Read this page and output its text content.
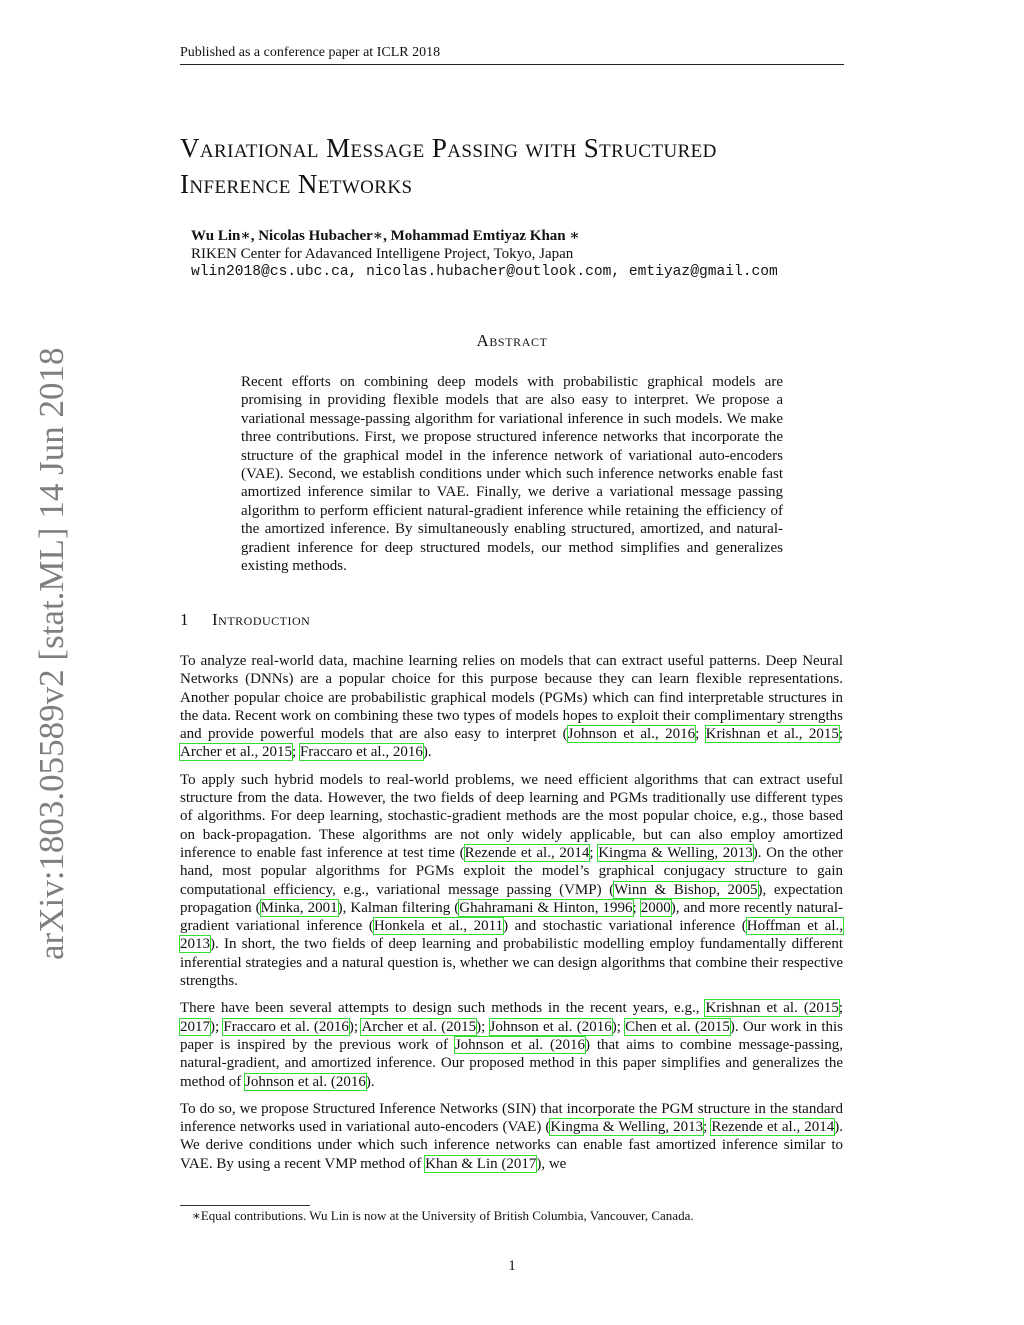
Published as a conference paper at ICLR 2018
arXiv:1803.05589v2 [stat.ML] 14 Jun 2018
Variational Message Passing with Structured
Inference Networks
Wu Lin∗, Nicolas Hubacher∗, Mohammad Emtiyaz Khan ∗
RIKEN Center for Adavanced Intelligene Project, Tokyo, Japan
wlin2018@cs.ubc.ca, nicolas.hubacher@outlook.com, emtiyaz@gmail.com
Abstract
Recent efforts on combining deep models with probabilistic graphical models are promising in providing flexible models that are also easy to interpret. We propose a variational message-passing algorithm for variational inference in such models. We make three contributions. First, we propose structured inference networks that incorporate the structure of the graphical model in the inference network of variational auto-encoders (VAE). Second, we establish conditions under which such inference networks enable fast amortized inference similar to VAE. Finally, we derive a variational message passing algorithm to perform efficient natural-gradient inference while retaining the efficiency of the amortized inference. By simultaneously enabling structured, amortized, and natural-gradient inference for deep structured models, our method simplifies and generalizes existing methods.
1 Introduction

To analyze real-world data, machine learning relies on models that can extract useful patterns. Deep Neural Networks (DNNs) are a popular choice for this purpose because they can learn flexible representations. Another popular choice are probabilistic graphical models (PGMs) which can find interpretable structures in the data. Recent work on combining these two types of models hopes to exploit their complimentary strengths and provide powerful models that are also easy to interpret (Johnson et al., 2016; Krishnan et al., 2015; Archer et al., 2015; Fraccaro et al., 2016).

To apply such hybrid models to real-world problems, we need efficient algorithms that can extract useful structure from the data. However, the two fields of deep learning and PGMs traditionally use different types of algorithms. For deep learning, stochastic-gradient methods are the most popular choice, e.g., those based on back-propagation. These algorithms are not only widely applicable, but can also employ amortized inference to enable fast inference at test time (Rezende et al., 2014; Kingma & Welling, 2013). On the other hand, most popular algorithms for PGMs exploit the model’s graphical conjugacy structure to gain computational efficiency, e.g., variational message passing (VMP) (Winn & Bishop, 2005), expectation propagation (Minka, 2001), Kalman filtering (Ghahramani & Hinton, 1996; 2000), and more recently natural-gradient variational inference (Honkela et al., 2011) and stochastic variational inference (Hoffman et al., 2013). In short, the two fields of deep learning and probabilistic modelling employ fundamentally different inferential strategies and a natural question is, whether we can design algorithms that combine their respective strengths.

There have been several attempts to design such methods in the recent years, e.g., Krishnan et al. (2015; 2017); Fraccaro et al. (2016); Archer et al. (2015); Johnson et al. (2016); Chen et al. (2015). Our work in this paper is inspired by the previous work of Johnson et al. (2016) that aims to combine message-passing, natural-gradient, and amortized inference. Our proposed method in this paper simplifies and generalizes the method of Johnson et al. (2016).

To do so, we propose Structured Inference Networks (SIN) that incorporate the PGM structure in the standard inference networks used in variational auto-encoders (VAE) (Kingma & Welling, 2013; Rezende et al., 2014). We derive conditions under which such inference networks can enable fast amortized inference similar to VAE. By using a recent VMP method of Khan & Lin (2017), we

∗Equal contributions. Wu Lin is now at the University of British Columbia, Vancouver, Canada.
1
